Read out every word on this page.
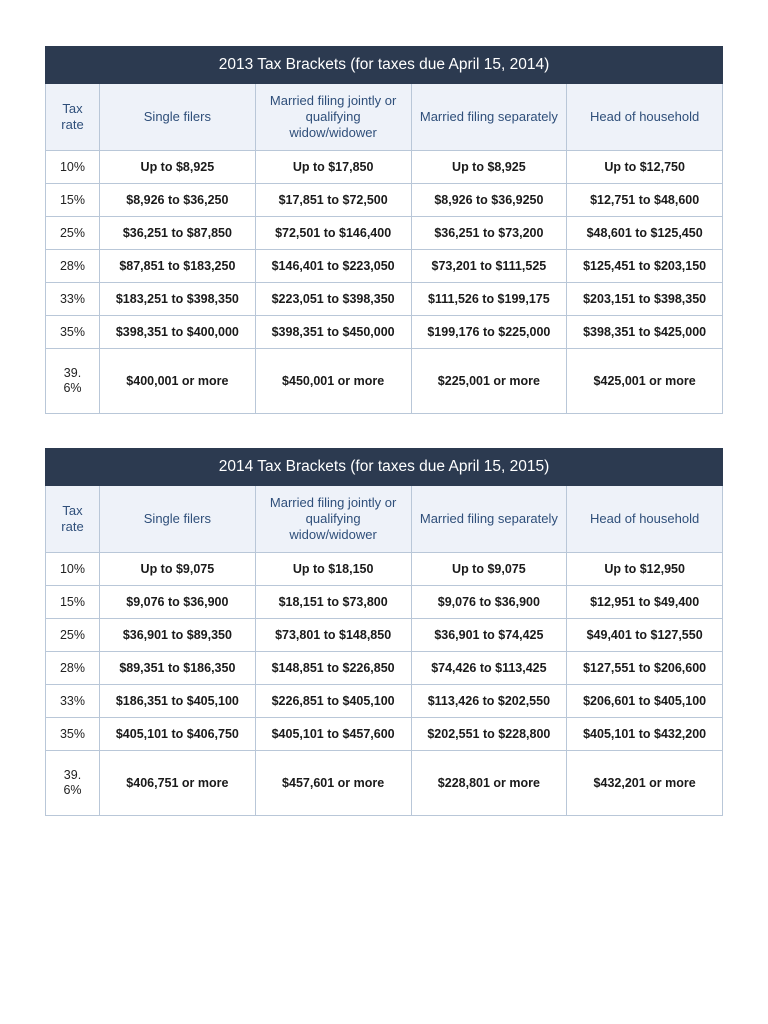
2013 Tax Brackets (for taxes due April 15, 2014)				
Tax rate	Single filers	Married filing jointly or qualifying widow/widower	Married filing separately	Head of household
10%	Up to $8,925	Up to $17,850	Up to $8,925	Up to $12,750
15%	$8,926 to $36,250	$17,851 to $72,500	$8,926 to $36,9250	$12,751 to $48,600
25%	$36,251 to $87,850	$72,501 to $146,400	$36,251 to $73,200	$48,601 to $125,450
28%	$87,851 to $183,250	$146,401 to $223,050	$73,201 to $111,525	$125,451 to $203,150
33%	$183,251 to $398,350	$223,051 to $398,350	$111,526 to $199,175	$203,151 to $398,350
35%	$398,351 to $400,000	$398,351 to $450,000	$199,176 to $225,000	$398,351 to $425,000
39.6%	$400,001 or more	$450,001 or more	$225,001 or more	$425,001 or more
2014 Tax Brackets (for taxes due April 15, 2015)				
Tax rate	Single filers	Married filing jointly or qualifying widow/widower	Married filing separately	Head of household
10%	Up to $9,075	Up to $18,150	Up to $9,075	Up to $12,950
15%	$9,076 to $36,900	$18,151 to $73,800	$9,076 to $36,900	$12,951 to $49,400
25%	$36,901 to $89,350	$73,801 to $148,850	$36,901 to $74,425	$49,401 to $127,550
28%	$89,351 to $186,350	$148,851 to $226,850	$74,426 to $113,425	$127,551 to $206,600
33%	$186,351 to $405,100	$226,851 to $405,100	$113,426 to $202,550	$206,601 to $405,100
35%	$405,101 to $406,750	$405,101 to $457,600	$202,551 to $228,800	$405,101 to $432,200
39.6%	$406,751 or more	$457,601 or more	$228,801 or more	$432,201 or more
